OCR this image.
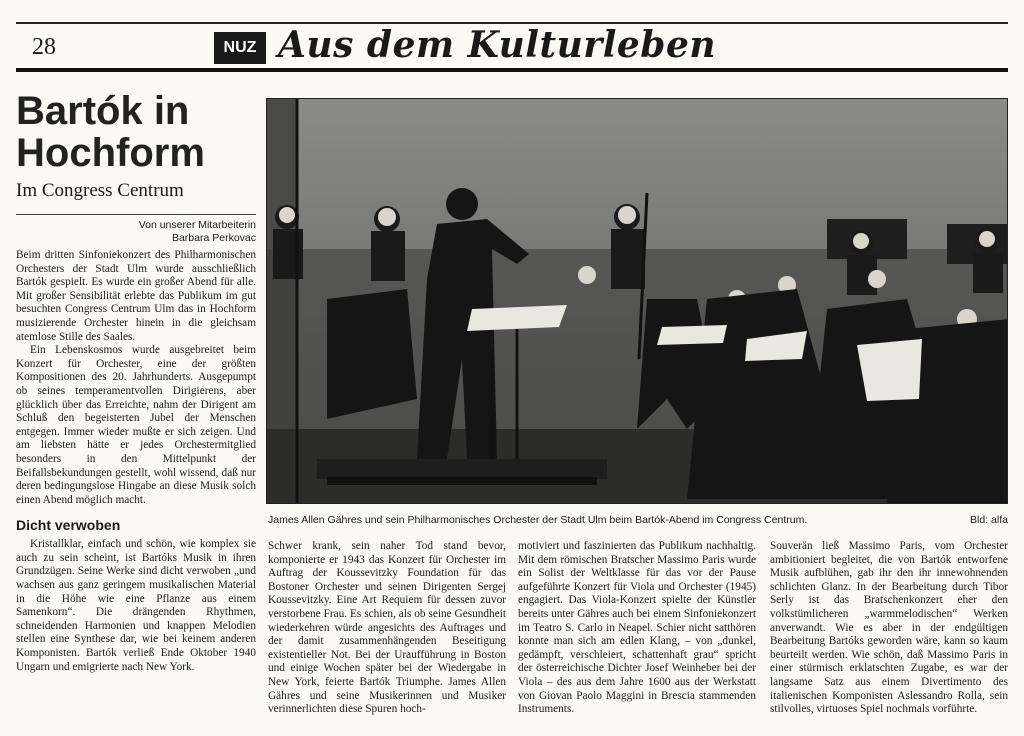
28	NUZ Aus dem Kulturleben
Bartók in
Hochform
Im Congress Centrum
Von unserer Mitarbeiterin
Barbara Perkovac

Beim dritten Sinfoniekonzert des Philharmonischen Orchesters der Stadt Ulm wurde ausschließlich Bartók gespielt. Es wurde ein großer Abend für alle. Mit großer Sensibilität erlebte das Publikum im gut besuchten Congress Centrum Ulm das in Hochform musizierende Orchester hinein in die gleichsam atemlose Stille des Saales.

Ein Lebenskosmos wurde ausgebreitet beim Konzert für Orchester, eine der größten Kompositionen des 20. Jahrhunderts. Ausgepumpt ob seines temperamentvollen Dirigierens, aber glücklich über das Erreichte, nahm der Dirigent am Schluß den begeisterten Jubel der Menschen entgegen. Immer wieder mußte er sich zeigen. Und am liebsten hätte er jedes Orchestermitglied besonders in den Mittelpunkt der Beifallsbekundungen gestellt, wohl wissend, daß nur deren bedingungslose Hingabe an diese Musik solch einen Abend möglich macht.

Dicht verwoben

Kristallklar, einfach und schön, wie komplex sie auch zu sein scheint, ist Bartóks Musik in ihren Grundzügen. Seine Werke sind dicht verwoben „und wachsen aus ganz geringem musikalischen Material in die Höhe wie eine Pflanze aus einem Samenkorn“. Die drängenden Rhythmen, schneidenden Harmonien und knappen Melodien stellen eine Synthese dar, wie bei keinem anderen Komponisten. Bartók verließ Ende Oktober 1940 Ungarn und emigrierte nach New York.

James Allen Gähres und sein Philharmonisches Orchester der Stadt Ulm beim Bartók-Abend im Congress Centrum.	Bld: alfa
Schwer krank, sein naher Tod stand bevor, komponierte er 1943 das Konzert für Orchester im Auftrag der Koussevitzky Foundation für das Bostoner Orchester und seinen Dirigenten Sergej Koussevitzky. Eine Art Requiem für dessen zuvor verstorbene Frau. Es schien, als ob seine Gesundheit wiederkehren würde angesichts des Auftrages und der damit zusammenhängenden Beseitigung existentieller Not. Bei der Uraufführung in Boston und einige Wochen später bei der Wiedergabe in New York, feierte Bartók Triumphe. James Allen Gähres und seine Musikerinnen und Musiker verinnerlichten diese Spuren hoch-
motiviert und faszinierten das Publikum nachhaltig. Mit dem römischen Bratscher Massimo Paris wurde ein Solist der Weltklasse für das vor der Pause aufgeführte Konzert für Viola und Orchester (1945) engagiert. Das Viola-Konzert spielte der Künstler bereits unter Gähres auch bei einem Sinfoniekonzert im Teatro S. Carlo in Neapel. Schier nicht satthören konnte man sich am edlen Klang, – von „dunkel, gedämpft, verschleiert, schattenhaft grau“ spricht der österreichische Dichter Josef Weinheber bei der Viola – des aus dem Jahre 1600 aus der Werkstatt von Giovan Paolo Maggini in Brescia stammenden Instruments.
Souverän ließ Massimo Paris, vom Orchester ambitioniert begleitet, die von Bartók entworfene Musik aufblühen, gab ihr den ihr innewohnenden schlichten Glanz. In der Bearbeitung durch Tibor Serly ist das Bratschenkonzert eher den volkstümlicheren „warmmelodischen“ Werken anverwandt. Wie es aber in der endgültigen Bearbeitung Bartóks geworden wäre, kann so kaum beurteilt werden. Wie schön, daß Massimo Paris in einer stürmisch erklatschten Zugabe, es war der langsame Satz aus einem Divertimento des italienischen Komponisten Aslessandro Rolla, sein stilvolles, virtuoses Spiel nochmals vorführte.
